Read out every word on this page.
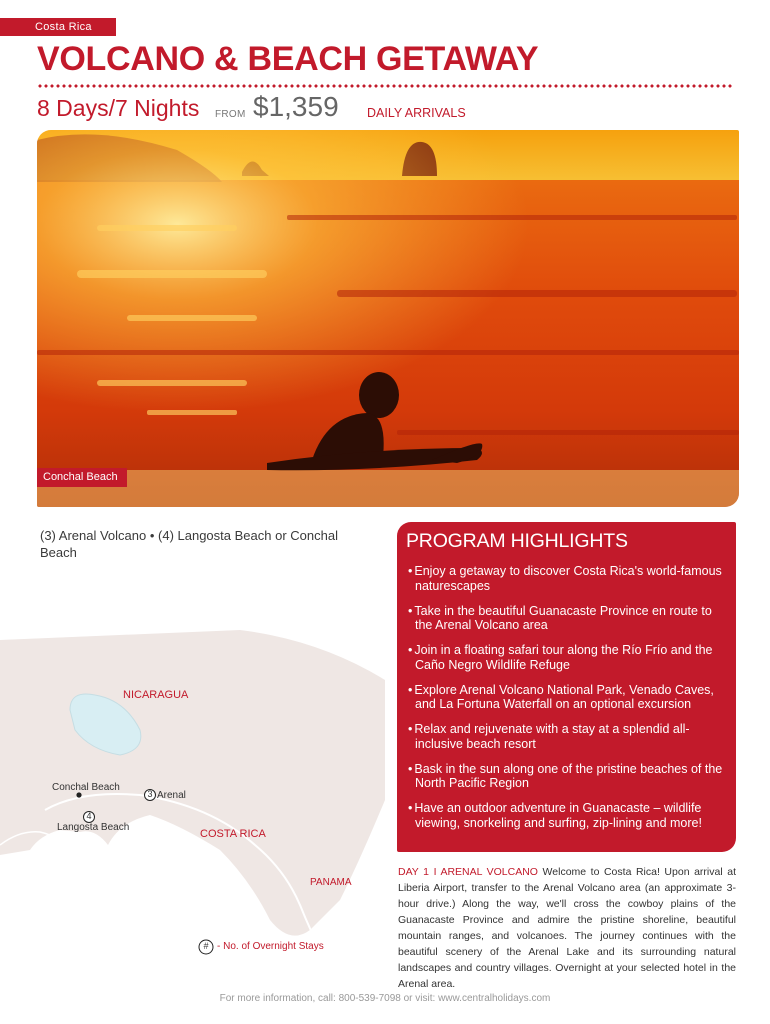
Costa Rica
VOLCANO & BEACH GETAWAY
8 Days/7 Nights FROM $1,359 DAILY ARRIVALS
Conchal Beach
(3) Arenal Volcano • (4) Langosta Beach or Conchal Beach
NICARAGUA
COSTA RICA
PANAMA
Conchal Beach
3 Arenal
4
Langosta Beach
# - No. of Overnight Stays
PROGRAM HIGHLIGHTS
• Enjoy a getaway to discover Costa Rica's world-famous naturescapes
• Take in the beautiful Guanacaste Province en route to the Arenal Volcano area
• Join in a floating safari tour along the Río Frío and the Caño Negro Wildlife Refuge
• Explore Arenal Volcano National Park, Venado Caves, and La Fortuna Waterfall on an optional excursion
• Relax and rejuvenate with a stay at a splendid all-inclusive beach resort
• Bask in the sun along one of the pristine beaches of the North Pacific Region
• Have an outdoor adventure in Guanacaste – wildlife viewing, snorkeling and surfing, zip-lining and more!

DAY 1 I ARENAL VOLCANO Welcome to Costa Rica! Upon arrival at Liberia Airport, transfer to the Arenal Volcano area (an approximate 3-hour drive.) Along the way, we'll cross the cowboy plains of the Guanacaste Province and admire the pristine shoreline, beautiful mountain ranges, and volcanoes. The journey continues with the beautiful scenery of the Arenal Lake and its surrounding natural landscapes and country villages. Overnight at your selected hotel in the Arenal area.

For more information, call: 800-539-7098 or visit: www.centralholidays.com
